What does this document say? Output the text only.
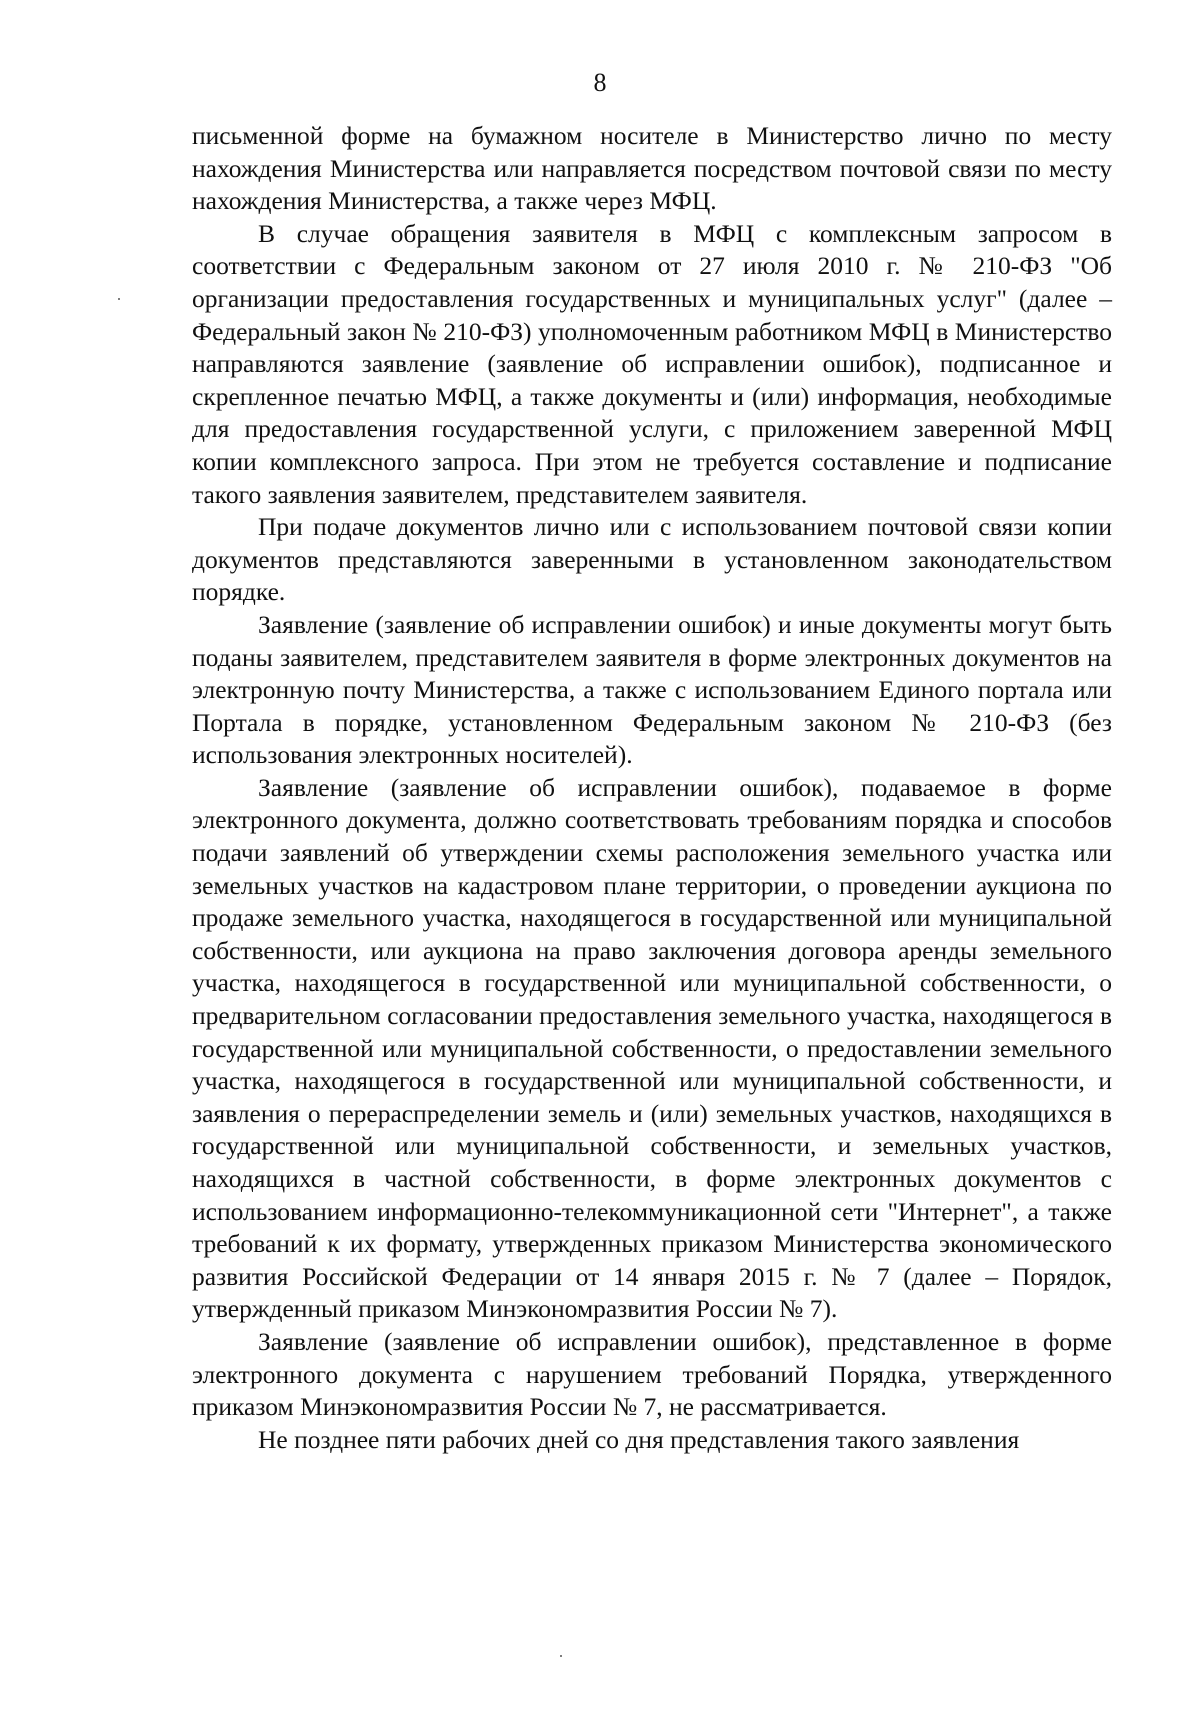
8

письменной форме на бумажном носителе в Министерство лично по месту нахождения Министерства или направляется посредством почтовой связи по месту нахождения Министерства, а также через МФЦ.

В случае обращения заявителя в МФЦ с комплексным запросом в соответствии с Федеральным законом от 27 июля 2010 г. № 210-ФЗ "Об организации предоставления государственных и муниципальных услуг" (далее – Федеральный закон № 210-ФЗ) уполномоченным работником МФЦ в Министерство направляются заявление (заявление об исправлении ошибок), подписанное и скрепленное печатью МФЦ, а также документы и (или) информация, необходимые для предоставления государственной услуги, с приложением заверенной МФЦ копии комплексного запроса. При этом не требуется составление и подписание такого заявления заявителем, представителем заявителя.

При подаче документов лично или с использованием почтовой связи копии документов представляются заверенными в установленном законодательством порядке.

Заявление (заявление об исправлении ошибок) и иные документы могут быть поданы заявителем, представителем заявителя в форме электронных документов на электронную почту Министерства, а также с использованием Единого портала или Портала в порядке, установленном Федеральным законом № 210-ФЗ (без использования электронных носителей).

Заявление (заявление об исправлении ошибок), подаваемое в форме электронного документа, должно соответствовать требованиям порядка и способов подачи заявлений об утверждении схемы расположения земельного участка или земельных участков на кадастровом плане территории, о проведении аукциона по продаже земельного участка, находящегося в государственной или муниципальной собственности, или аукциона на право заключения договора аренды земельного участка, находящегося в государственной или муниципальной собственности, о предварительном согласовании предоставления земельного участка, находящегося в государственной или муниципальной собственности, о предоставлении земельного участка, находящегося в государственной или муниципальной собственности, и заявления о перераспределении земель и (или) земельных участков, находящихся в государственной или муниципальной собственности, и земельных участков, находящихся в частной собственности, в форме электронных документов с использованием информационно-телекоммуникационной сети "Интернет", а также требований к их формату, утвержденных приказом Министерства экономического развития Российской Федерации от 14 января 2015 г. № 7 (далее – Порядок, утвержденный приказом Минэкономразвития России № 7).

Заявление (заявление об исправлении ошибок), представленное в форме электронного документа с нарушением требований Порядка, утвержденного приказом Минэкономразвития России № 7, не рассматривается.

Не позднее пяти рабочих дней со дня представления такого заявления
